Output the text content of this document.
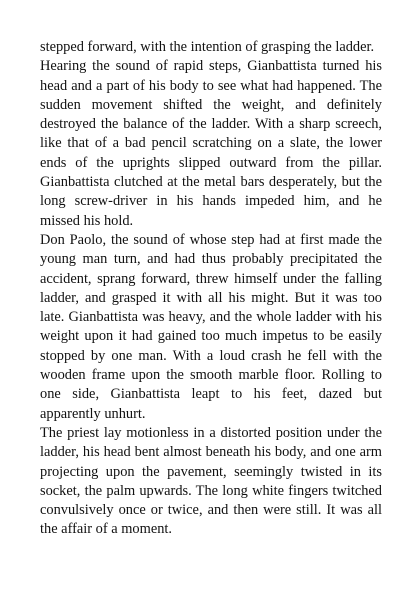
stepped forward, with the intention of grasping the ladder.

Hearing the sound of rapid steps, Gianbattista turned his head and a part of his body to see what had happened. The sudden movement shifted the weight, and definitely destroyed the balance of the ladder. With a sharp screech, like that of a bad pencil scratching on a slate, the lower ends of the uprights slipped outward from the pillar. Gianbattista clutched at the metal bars desperately, but the long screw-driver in his hands impeded him, and he missed his hold.

Don Paolo, the sound of whose step had at first made the young man turn, and had thus probably precipitated the accident, sprang forward, threw himself under the falling ladder, and grasped it with all his might. But it was too late. Gianbattista was heavy, and the whole ladder with his weight upon it had gained too much impetus to be easily stopped by one man. With a loud crash he fell with the wooden frame upon the smooth marble floor. Rolling to one side, Gianbattista leapt to his feet, dazed but apparently unhurt.

The priest lay motionless in a distorted position under the ladder, his head bent almost beneath his body, and one arm projecting upon the pavement, seemingly twisted in its socket, the palm upwards. The long white fingers twitched convulsively once or twice, and then were still. It was all the affair of a moment.
